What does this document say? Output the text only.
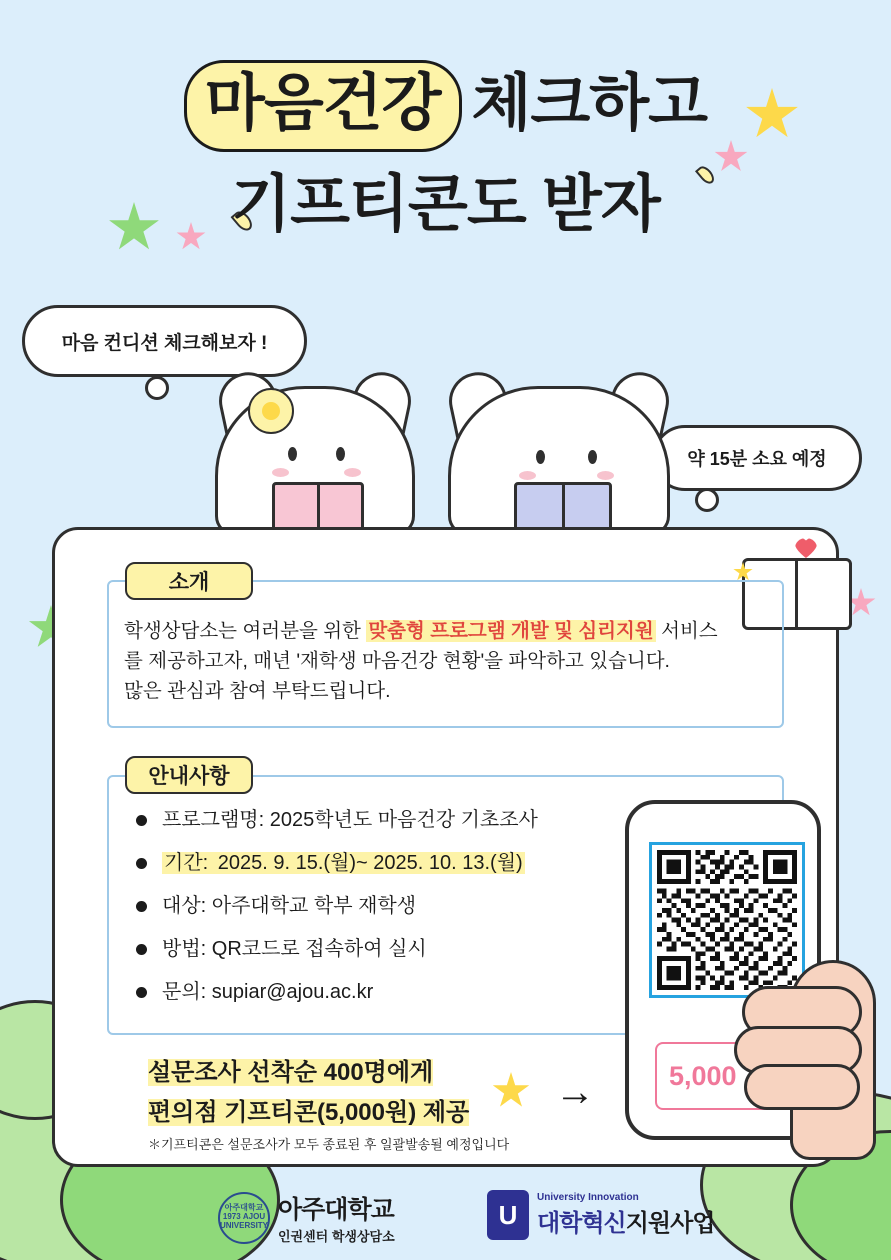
마음건강 체크하고
기프티콘도 받자
마음 컨디션 체크해보자 !
약 15분 소요 예정
소개
학생상담소는 여러분을 위한 맞춤형 프로그램 개발 및 심리지원 서비스
를 제공하고자, 매년 '재학생 마음건강 현황'을 파악하고 있습니다.
많은 관심과 참여 부탁드립니다.
안내사항
프로그램명: 2025학년도 마음건강 기초조사
기간: 2025. 9. 15.(월)~ 2025. 10. 13.(월)
대상: 아주대학교 학부 재학생
방법: QR코드로 접속하여 실시
문의: supiar@ajou.ac.kr
5,000
설문조사 선착순 400명에게
편의점 기프티콘(5,000원) 제공
＊기프티콘은 설문조사가 모두 종료된 후 일괄발송될 예정입니다
→
아주대학교 1973 AJOU UNIVERSITY
아주대학교
인권센터 학생상담소
U
University Innovation
대학혁신지원사업
